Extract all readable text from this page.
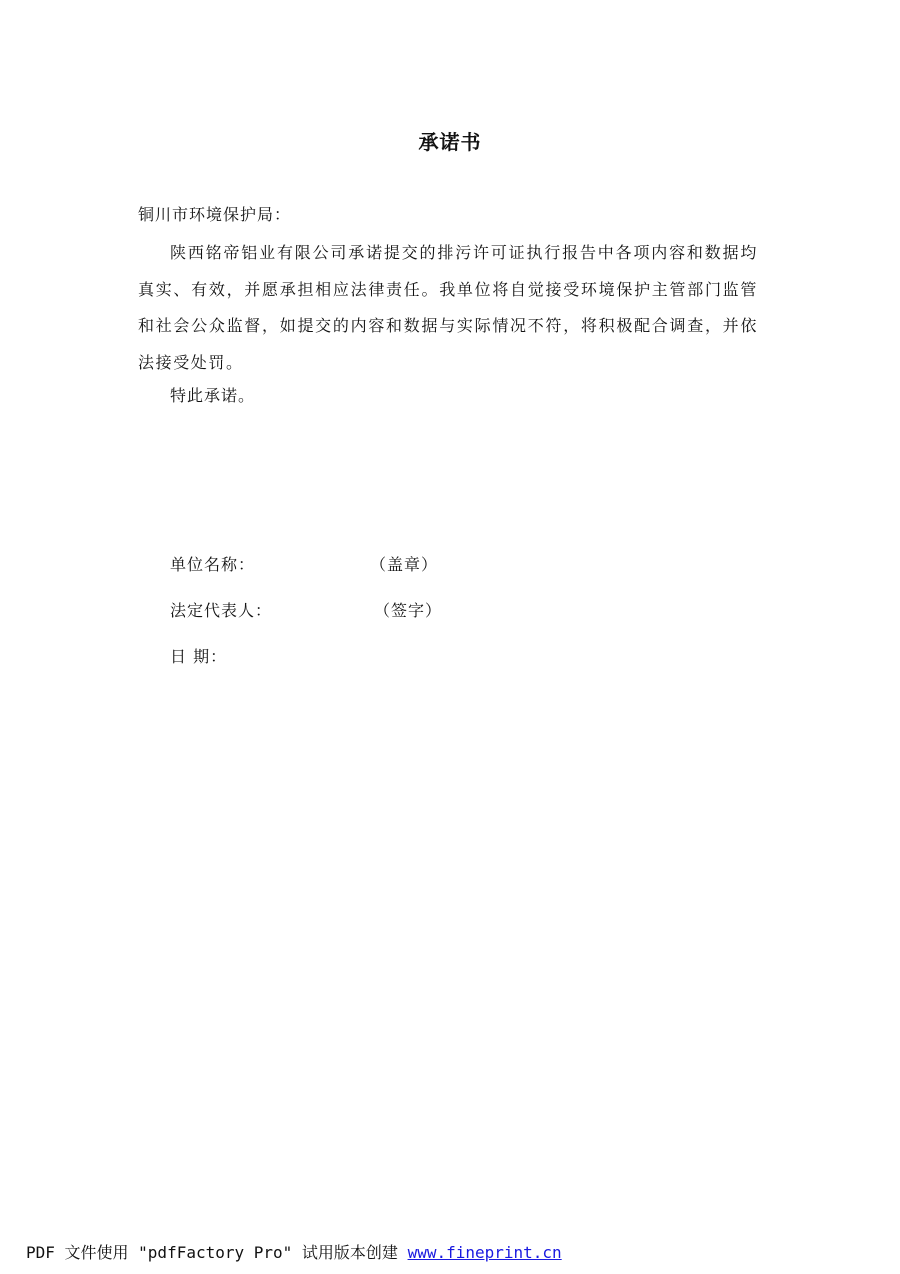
承诺书
铜川市环境保护局：
陕西铭帝铝业有限公司承诺提交的排污许可证执行报告中各项内容和数据均真实、有效，并愿承担相应法律责任。我单位将自觉接受环境保护主管部门监管和社会公众监督，如提交的内容和数据与实际情况不符，将积极配合调查，并依法接受处罚。
特此承诺。
单位名称：	（盖章）
法定代表人：	（签字）
日 期：
PDF 文件使用 "pdfFactory Pro" 试用版本创建 www.fineprint.cn
